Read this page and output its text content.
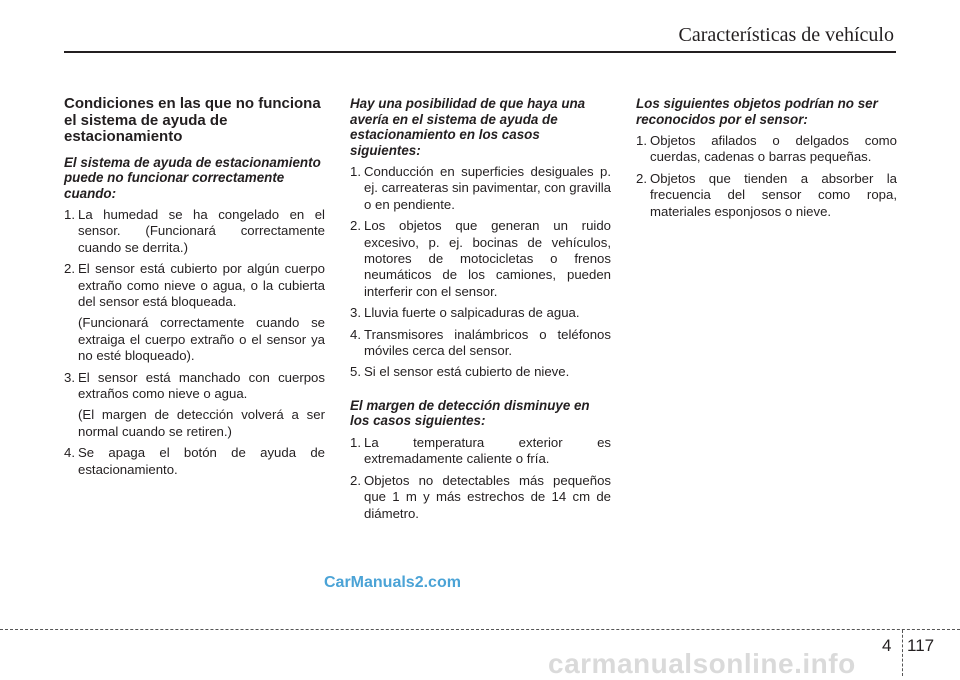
Características de vehículo
Condiciones en las que no funciona el sistema de ayuda de estacionamiento
El sistema de ayuda de estacionamiento puede no funcionar correctamente cuando:
1. La humedad se ha congelado en el sensor. (Funcionará correctamente cuando se derrita.)
2. El sensor está cubierto por algún cuerpo extraño como nieve o agua, o la cubierta del sensor está bloqueada.
(Funcionará correctamente cuando se extraiga el cuerpo extraño o el sensor ya no esté bloqueado).
3. El sensor está manchado con cuerpos extraños como nieve o agua.
(El margen de detección volverá a ser normal cuando se retiren.)
4. Se apaga el botón de ayuda de estacionamiento.
Hay una posibilidad de que haya una avería en el sistema de ayuda de estacionamiento en los casos siguientes:
1. Conducción en superficies desiguales p. ej. carreateras sin pavimentar, con gravilla o en pendiente.
2. Los objetos que generan un ruido excesivo, p. ej. bocinas de vehículos, motores de motocicletas o frenos neumáticos de los camiones, pueden interferir con el sensor.
3. Lluvia fuerte o salpicaduras de agua.
4. Transmisores inalámbricos o teléfonos móviles cerca del sensor.
5. Si el sensor está cubierto de nieve.
El margen de detección disminuye en los casos siguientes:
1. La temperatura exterior es extremadamente caliente o fría.
2. Objetos no detectables más pequeños que 1 m y más estrechos de 14 cm de diámetro.
Los siguientes objetos podrían no ser reconocidos por el sensor:
1. Objetos afilados o delgados como cuerdas, cadenas o barras pequeñas.
2. Objetos que tienden a absorber la frecuencia del sensor como ropa, materiales esponjosos o nieve.
CarManuals2.com
4 117
carmanualsonline.info
